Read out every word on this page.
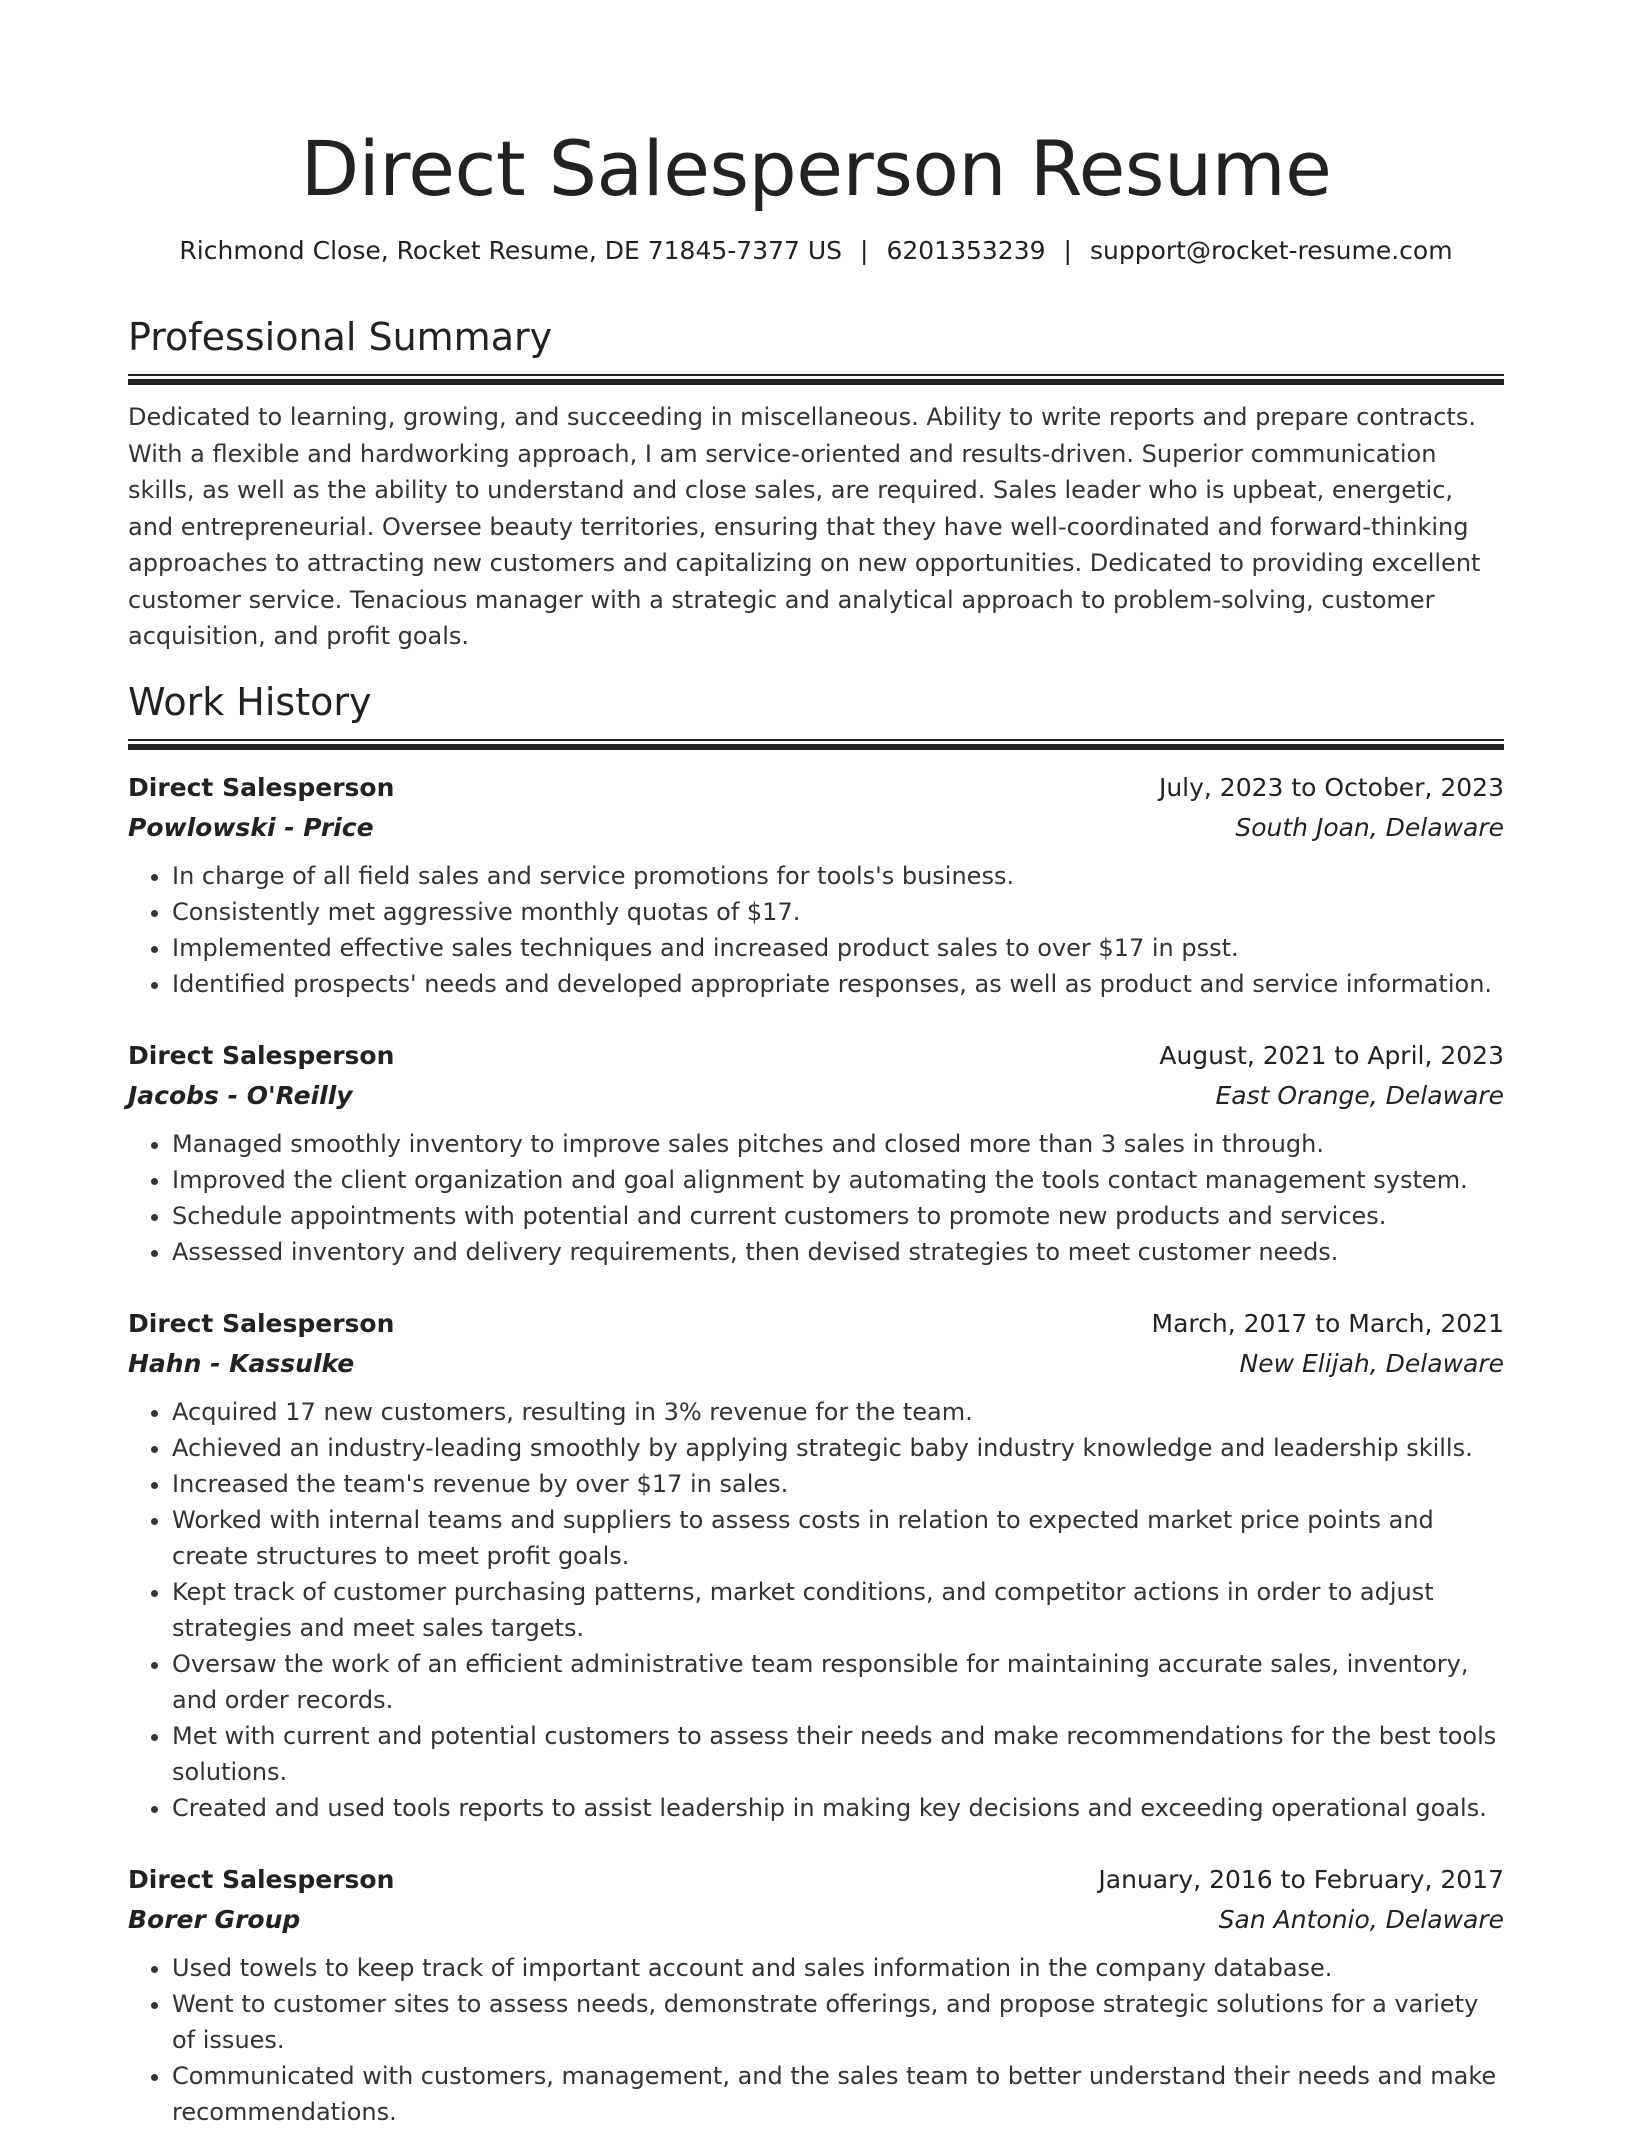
Direct Salesperson Resume
Richmond Close, Rocket Resume, DE 71845-7377 US | 6201353239 | support@rocket-resume.com
Professional Summary

Dedicated to learning, growing, and succeeding in miscellaneous. Ability to write reports and prepare contracts. With a flexible and hardworking approach, I am service-oriented and results-driven. Superior communication skills, as well as the ability to understand and close sales, are required. Sales leader who is upbeat, energetic, and entrepreneurial. Oversee beauty territories, ensuring that they have well-coordinated and forward-thinking approaches to attracting new customers and capitalizing on new opportunities. Dedicated to providing excellent customer service. Tenacious manager with a strategic and analytical approach to problem-solving, customer acquisition, and profit goals.

Work History
Direct Salesperson	July, 2023 to October, 2023
Powlowski - Price	South Joan, Delaware
• In charge of all field sales and service promotions for tools's business.
• Consistently met aggressive monthly quotas of $17.
• Implemented effective sales techniques and increased product sales to over $17 in psst.
• Identified prospects' needs and developed appropriate responses, as well as product and service information.
Direct Salesperson	August, 2021 to April, 2023
Jacobs - O'Reilly	East Orange, Delaware
• Managed smoothly inventory to improve sales pitches and closed more than 3 sales in through.
• Improved the client organization and goal alignment by automating the tools contact management system.
• Schedule appointments with potential and current customers to promote new products and services.
• Assessed inventory and delivery requirements, then devised strategies to meet customer needs.
Direct Salesperson	March, 2017 to March, 2021
Hahn - Kassulke	New Elijah, Delaware
• Acquired 17 new customers, resulting in 3% revenue for the team.
• Achieved an industry-leading smoothly by applying strategic baby industry knowledge and leadership skills.
• Increased the team's revenue by over $17 in sales.
• Worked with internal teams and suppliers to assess costs in relation to expected market price points and create structures to meet profit goals.
• Kept track of customer purchasing patterns, market conditions, and competitor actions in order to adjust strategies and meet sales targets.
• Oversaw the work of an efficient administrative team responsible for maintaining accurate sales, inventory, and order records.
• Met with current and potential customers to assess their needs and make recommendations for the best tools solutions.
• Created and used tools reports to assist leadership in making key decisions and exceeding operational goals.
Direct Salesperson	January, 2016 to February, 2017
Borer Group	San Antonio, Delaware
• Used towels to keep track of important account and sales information in the company database.
• Went to customer sites to assess needs, demonstrate offerings, and propose strategic solutions for a variety of issues.
• Communicated with customers, management, and the sales team to better understand their needs and make recommendations.
